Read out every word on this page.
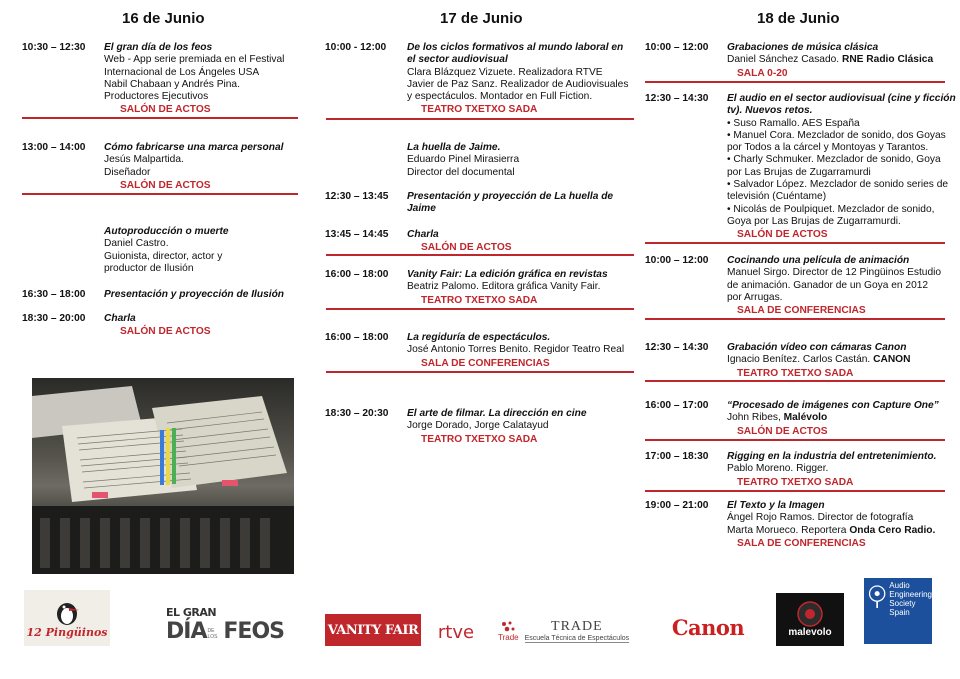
16 de Junio	17 de Junio	18 de Junio
10:30 – 12:30 El gran día de los feos
Web - App serie premiada en el Festival
Internacional de Los Ángeles USA
Nabil Chabaan y Andrés Pina.
Productores Ejecutivos
SALÓN DE ACTOS
13:00 – 14:00 Cómo fabricarse una marca personal
Jesús Malpartida.
Diseñador
SALÓN DE ACTOS
Autoproducción o muerte
Daniel Castro.
Guionista, director, actor y
productor de Ilusión
16:30 – 18:00 Presentación y proyección de Ilusión
18:30 – 20:00 Charla
SALÓN DE ACTOS
10:00 - 12:00 De los ciclos formativos al mundo laboral en
el sector audiovisual
Clara Blázquez Vizuete. Realizadora RTVE
Javier de Paz Sanz. Realizador de Audiovisuales
y espectáculos. Montador en Full Fiction.
TEATRO TXETXO SADA
La huella de Jaime.
Eduardo Pinel Mirasierra
Director del documental
12:30 – 13:45 Presentación y proyección de La huella de
Jaime
13:45 – 14:45 Charla
SALÓN DE ACTOS
16:00 – 18:00 Vanity Fair: La edición gráfica en revistas
Beatriz Palomo. Editora gráfica Vanity Fair.
TEATRO TXETXO SADA
16:00 – 18:00 La regiduría de espectáculos.
José Antonio Torres Benito. Regidor Teatro Real
SALA DE CONFERENCIAS
18:30 – 20:30 El arte de filmar. La dirección en cine
Jorge Dorado, Jorge Calatayud
TEATRO TXETXO SADA
10:00 – 12:00 Grabaciones de música clásica
Daniel Sánchez Casado. RNE Radio Clásica
SALA 0-20
12:30 – 14:30 El audio en el sector audiovisual (cine y ficción
tv). Nuevos retos.
• Suso Ramallo. AES España
• Manuel Cora. Mezclador de sonido, dos Goyas
por Todos a la cárcel y Montoyas y Tarantos.
• Charly Schmuker. Mezclador de sonido, Goya
por Las Brujas de Zugarramurdi
• Salvador López. Mezclador de sonido series de
televisión (Cuéntame)
• Nicolás de Poulpiquet. Mezclador de sonido,
Goya por Las Brujas de Zugarramurdi.
SALÓN DE ACTOS
10:00 – 12:00 Cocinando una película de animación
Manuel Sirgo. Director de 12 Pingüinos Estudio
de animación. Ganador de un Goya en 2012
por Arrugas.
SALA DE CONFERENCIAS
12:30 – 14:30 Grabación vídeo con cámaras Canon
Ignacio Benítez. Carlos Castán. CANON
TEATRO TXETXO SADA
16:00 – 17:00 “Procesado de imágenes con Capture One”
John Ribes, Malévolo
SALÓN DE ACTOS
17:00 – 18:30 Rigging en la industria del entretenimiento.
Pablo Moreno. Rigger.
TEATRO TXETXO SADA
19:00 – 21:00 El Texto y la Imagen
Ángel Rojo Ramos. Director de fotografía
Marta Morueco. Reportera Onda Cero Radio.
SALA DE CONFERENCIAS
12 Pingüinos
EL GRAN
DÍA DE LOS FEOS	VANITY FAIR rtve	Trade
TRADE
Escuela Técnica de Espectáculos Canon	malevolo
Audio
Engineering
Society
Spain
